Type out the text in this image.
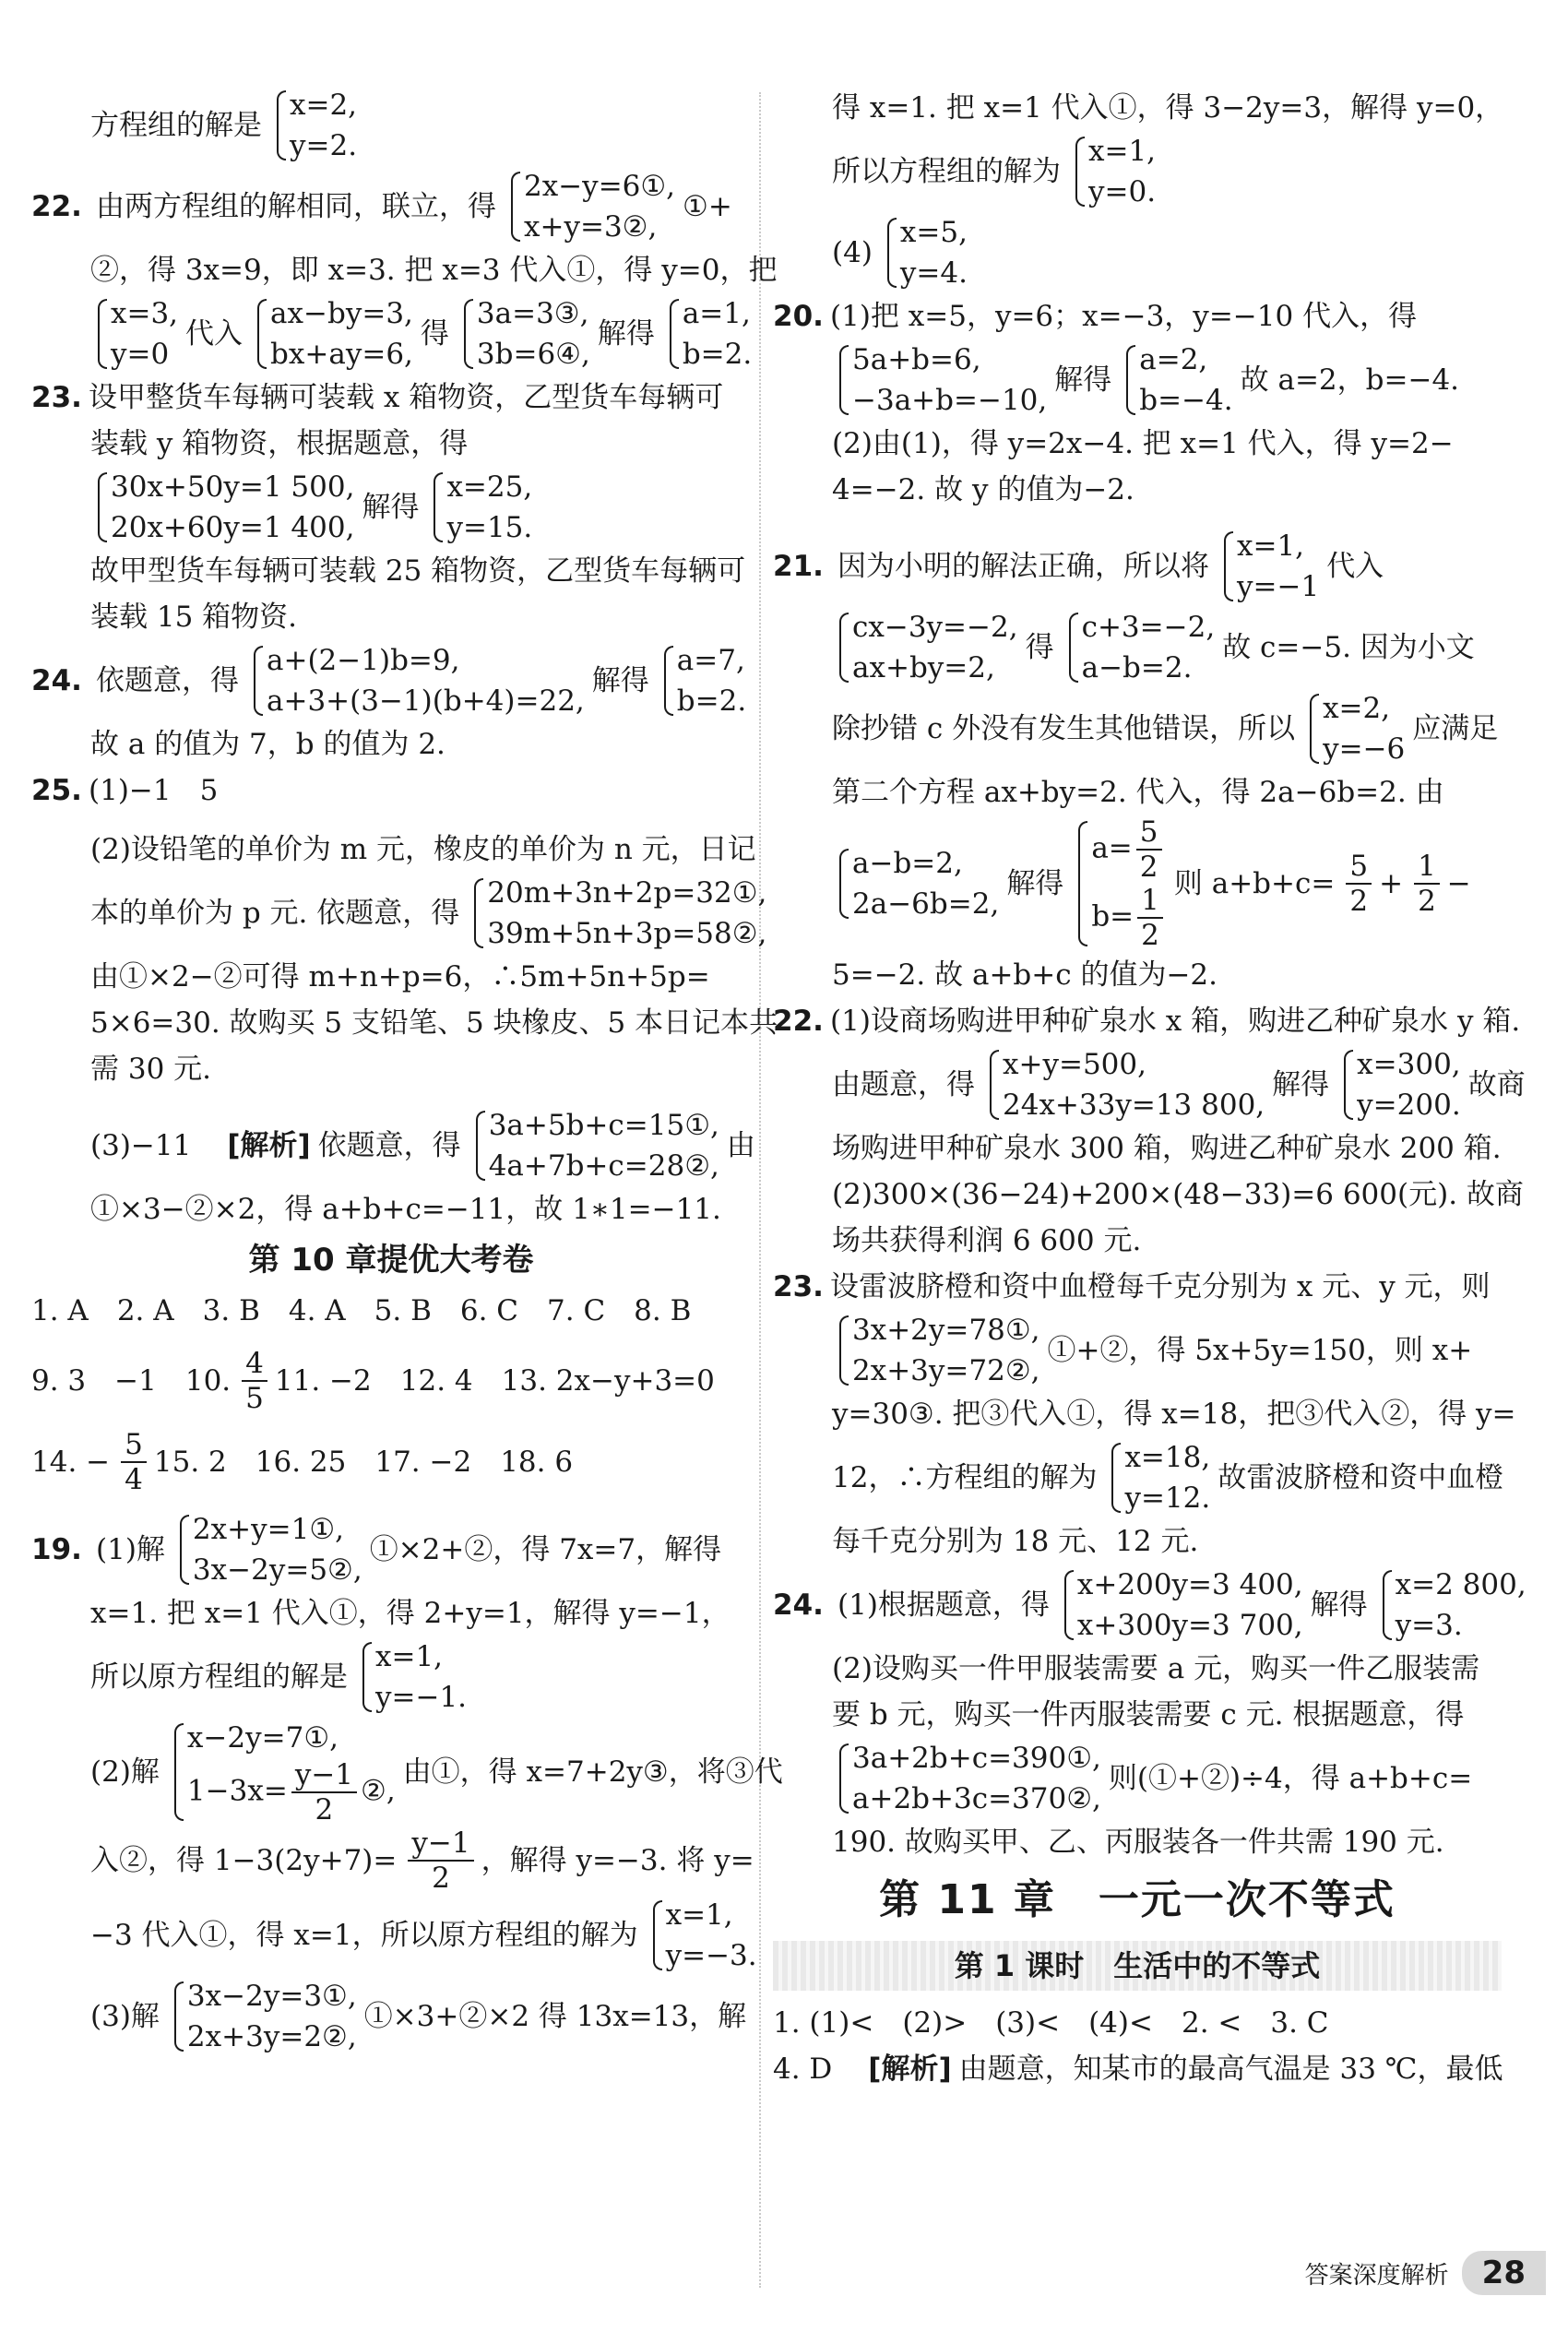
方程组的解是
x=2,
y=2.
22. 由两方程组的解相同，联立，得
2x−y=6①,
x+y=3②,
①+
②，得 3x=9，即 x=3. 把 x=3 代入①，得 y=0，把
x=3,
y=0
代入
ax−by=3,
bx+ay=6,
得
3a=3③,
3b=6④,
解得
a=1,
b=2.
23. 设甲整货车每辆可装载 x 箱物资，乙型货车每辆可
装载 y 箱物资，根据题意，得
30x+50y=1 500,
20x+60y=1 400,
解得
x=25,
y=15.
故甲型货车每辆可装载 25 箱物资，乙型货车每辆可
装载 15 箱物资.
24. 依题意，得
a+(2−1)b=9,
a+3+(3−1)(b+4)=22,
解得
a=7,
b=2.
故 a 的值为 7，b 的值为 2.
25. (1)−1　5
(2)设铅笔的单价为 m 元，橡皮的单价为 n 元，日记
本的单价为 p 元. 依题意，得
20m+3n+2p=32①,
39m+5n+3p=58②,
由①×2−②可得 m+n+p=6，∴5m+5n+5p=
5×6=30. 故购买 5 支铅笔、5 块橡皮、5 本日记本共
需 30 元.
(3)−11　 [解析] 依题意，得
3a+5b+c=15①,
4a+7b+c=28②,
由
①×3−②×2，得 a+b+c=−11，故 1∗1=−11.
第 10 章提优大考卷
1. A　2. A　3. B　4. A　5. B　6. C　7. C　8. B
9. 3　−1　10. $\frac{4}{5} 11$. −2　12. 4　13. 2x−y+3=0
14. − $\frac{5}{4} 15$. 2　16. 25　17. −2　18. 6
19. (1)解
2x+y=1①,
3x−2y=5②,
①×2+②，得 7x=7，解得
x=1. 把 x=1 代入①，得 2+y=1，解得 y=−1，
所以原方程组的解是
x=1,
y=−1.
(2)解
x−2y=7①,
$1-3x= \frac{y-1}{2}$ ②,
由①，得 x=7+2y③，将③代
入②，得 $1-3(2y+7)= \frac{y-1}{2}$ ，解得 y=−3. 将 y=
−3 代入①，得 x=1，所以原方程组的解为
x=1,
y=−3.
(3)解
3x−2y=3①,
2x+3y=2②,
①×3+②×2 得 13x=13，解
得 x=1. 把 x=1 代入①，得 3−2y=3，解得 y=0，
所以方程组的解为
x=1,
y=0.
(4)
x=5,
y=4.
20. (1)把 x=5，y=6；x=−3，y=−10 代入，得
5a+b=6,
−3a+b=−10,
解得
a=2,
b=−4.
故 a=2，b=−4.
(2)由(1)，得 y=2x−4. 把 x=1 代入，得 y=2−
4=−2. 故 y 的值为−2.
21. 因为小明的解法正确，所以将
x=1,
y=−1
代入
cx−3y=−2,
ax+by=2,
得
c+3=−2,
a−b=2.
故 c=−5. 因为小文
除抄错 c 外没有发生其他错误，所以
x=2,
y=−6
应满足
第二个方程 ax+by=2. 代入，得 2a−6b=2. 由
a−b=2,
2a−6b=2,
解得
$a= \frac{5}{2}$
$b= \frac{1}{2}$ 则 $a+b+c= \frac{5}{2} + \frac{1}{2}$ −
5=−2. 故 a+b+c 的值为−2.
22. (1)设商场购进甲种矿泉水 x 箱，购进乙种矿泉水 y 箱.
由题意，得
x+y=500,
24x+33y=13 800,
解得
x=300,
y=200.
故商
场购进甲种矿泉水 300 箱，购进乙种矿泉水 200 箱.
(2)300×(36−24)+200×(48−33)=6 600(元). 故商
场共获得利润 6 600 元.
23. 设雷波脐橙和资中血橙每千克分别为 x 元、y 元，则
3x+2y=78①,
2x+3y=72②,
①+②，得 5x+5y=150，则 x+
y=30③. 把③代入①，得 x=18，把③代入②，得 y=
12，∴方程组的解为
x=18,
y=12.
故雷波脐橙和资中血橙
每千克分别为 18 元、12 元.
24. (1)根据题意，得
x+200y=3 400,
x+300y=3 700,
解得
x=2 800,
y=3.
(2)设购买一件甲服装需要 a 元，购买一件乙服装需
要 b 元，购买一件丙服装需要 c 元. 根据题意，得
3a+2b+c=390①,
a+2b+3c=370②,
则(①+②)÷4，得 a+b+c=
190. 故购买甲、乙、丙服装各一件共需 190 元.
第 11 章　一元一次不等式
第 1 课时　生活中的不等式
1. (1)<　(2)>　(3)<　(4)<　2. <　3. C
4. D　 [解析] 由题意，知某市的最高气温是 33 ℃，最低
答案深度解析	28
